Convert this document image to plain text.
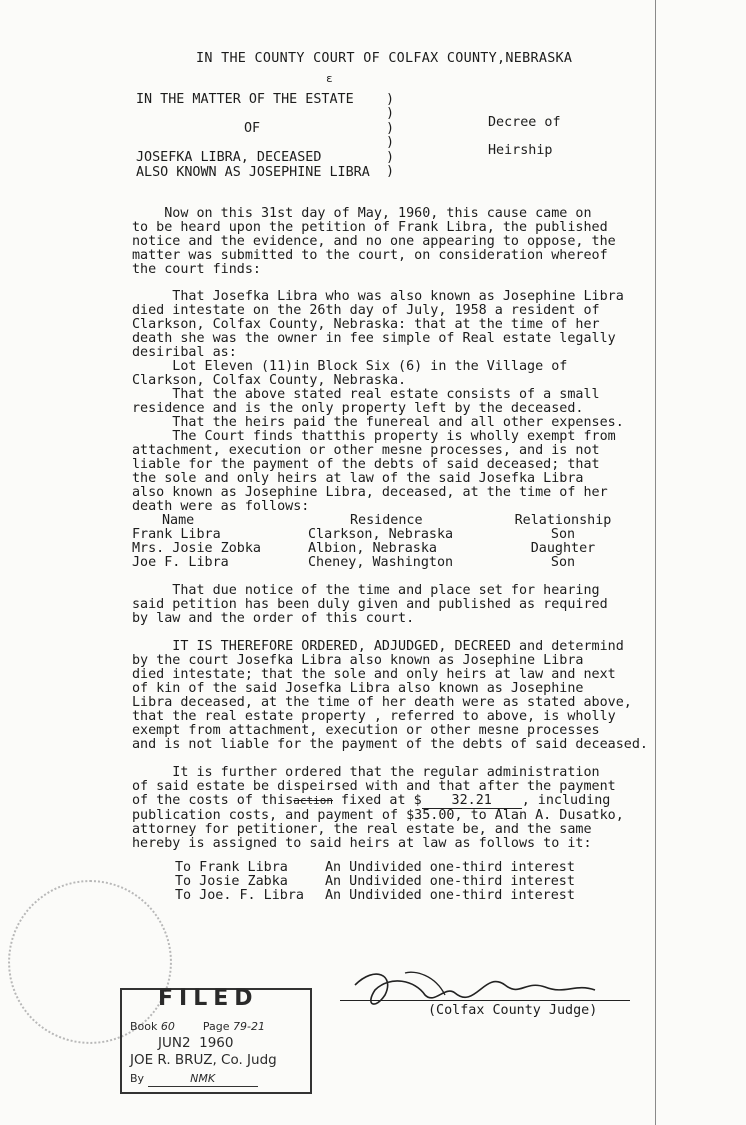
IN THE COUNTY COURT OF COLFAX COUNTY,NEBRASKA
ε
IN THE MATTER OF THE ESTATE
OF
JOSEFKA LIBRA, DECEASED
ALSO KNOWN AS JOSEPHINE LIBRA
)
)
)
)
)
)
Decree of
Heirship
Now on this 31st day of May, 1960, this cause came on
to be heard upon the petition of Frank Libra, the published
notice and the evidence, and no one appearing to oppose, the
matter was submitted to the court, on consideration whereof
the court finds:
That Josefka Libra who was also known as Josephine Libra
died intestate on the 26th day of July, 1958 a resident of
Clarkson, Colfax County, Nebraska: that at the time of her
death she was the owner in fee simple of Real estate legally
desiribal as:
Lot Eleven (11)in Block Six (6) in the Village of
Clarkson, Colfax County, Nebraska.
That the above stated real estate consists of a small
residence and is the only property left by the deceased.
That the heirs paid the funereal and all other expenses.
The Court finds thatthis property is wholly exempt from
attachment, execution or other mesne processes, and is not
liable for the payment of the debts of said deceased; that
the sole and only heirs at law of the said Josefka Libra
also known as Josephine Libra, deceased, at the time of her
death were as follows:
Name	Residence	Relationship
Frank Libra	Clarkson, Nebraska	Son
Mrs. Josie Zobka	Albion, Nebraska	Daughter
Joe F. Libra	Cheney, Washington	Son
That due notice of the time and place set for hearing
said petition has been duly given and published as required
by law and the order of this court.
IT IS THEREFORE ORDERED, ADJUDGED, DECREED and determind
by the court Josefka Libra also known as Josephine Libra
died intestate; that the sole and only heirs at law and next
of kin of the said Josefka Libra also known as Josephine
Libra deceased, at the time of her death were as stated above,
that the real estate property , referred to above, is wholly
exempt from attachment, execution or other mesne processes
and is not liable for the payment of the debts of said deceased.
It is further ordered that the regular administration
of said estate be dispeirsed with and that after the payment
of the costs of thisaction fixed at $ 32.21 , including
publication costs, and payment of $35.00, to Alan A. Dusatko,
attorney for petitioner, the real estate be, and the same
hereby is assigned to said heirs at law as follows to it:
To Frank Libra	An Undivided one-third interest
To Josie Zabka	An Undivided one-third interest
To Joe. F. Libra	An Undivided one-third interest
(Colfax County Judge)
FILED
Book 60	Page 79-21
JUN2  1960
JOE R. BRUZ, Co. Judg
By	NMK
